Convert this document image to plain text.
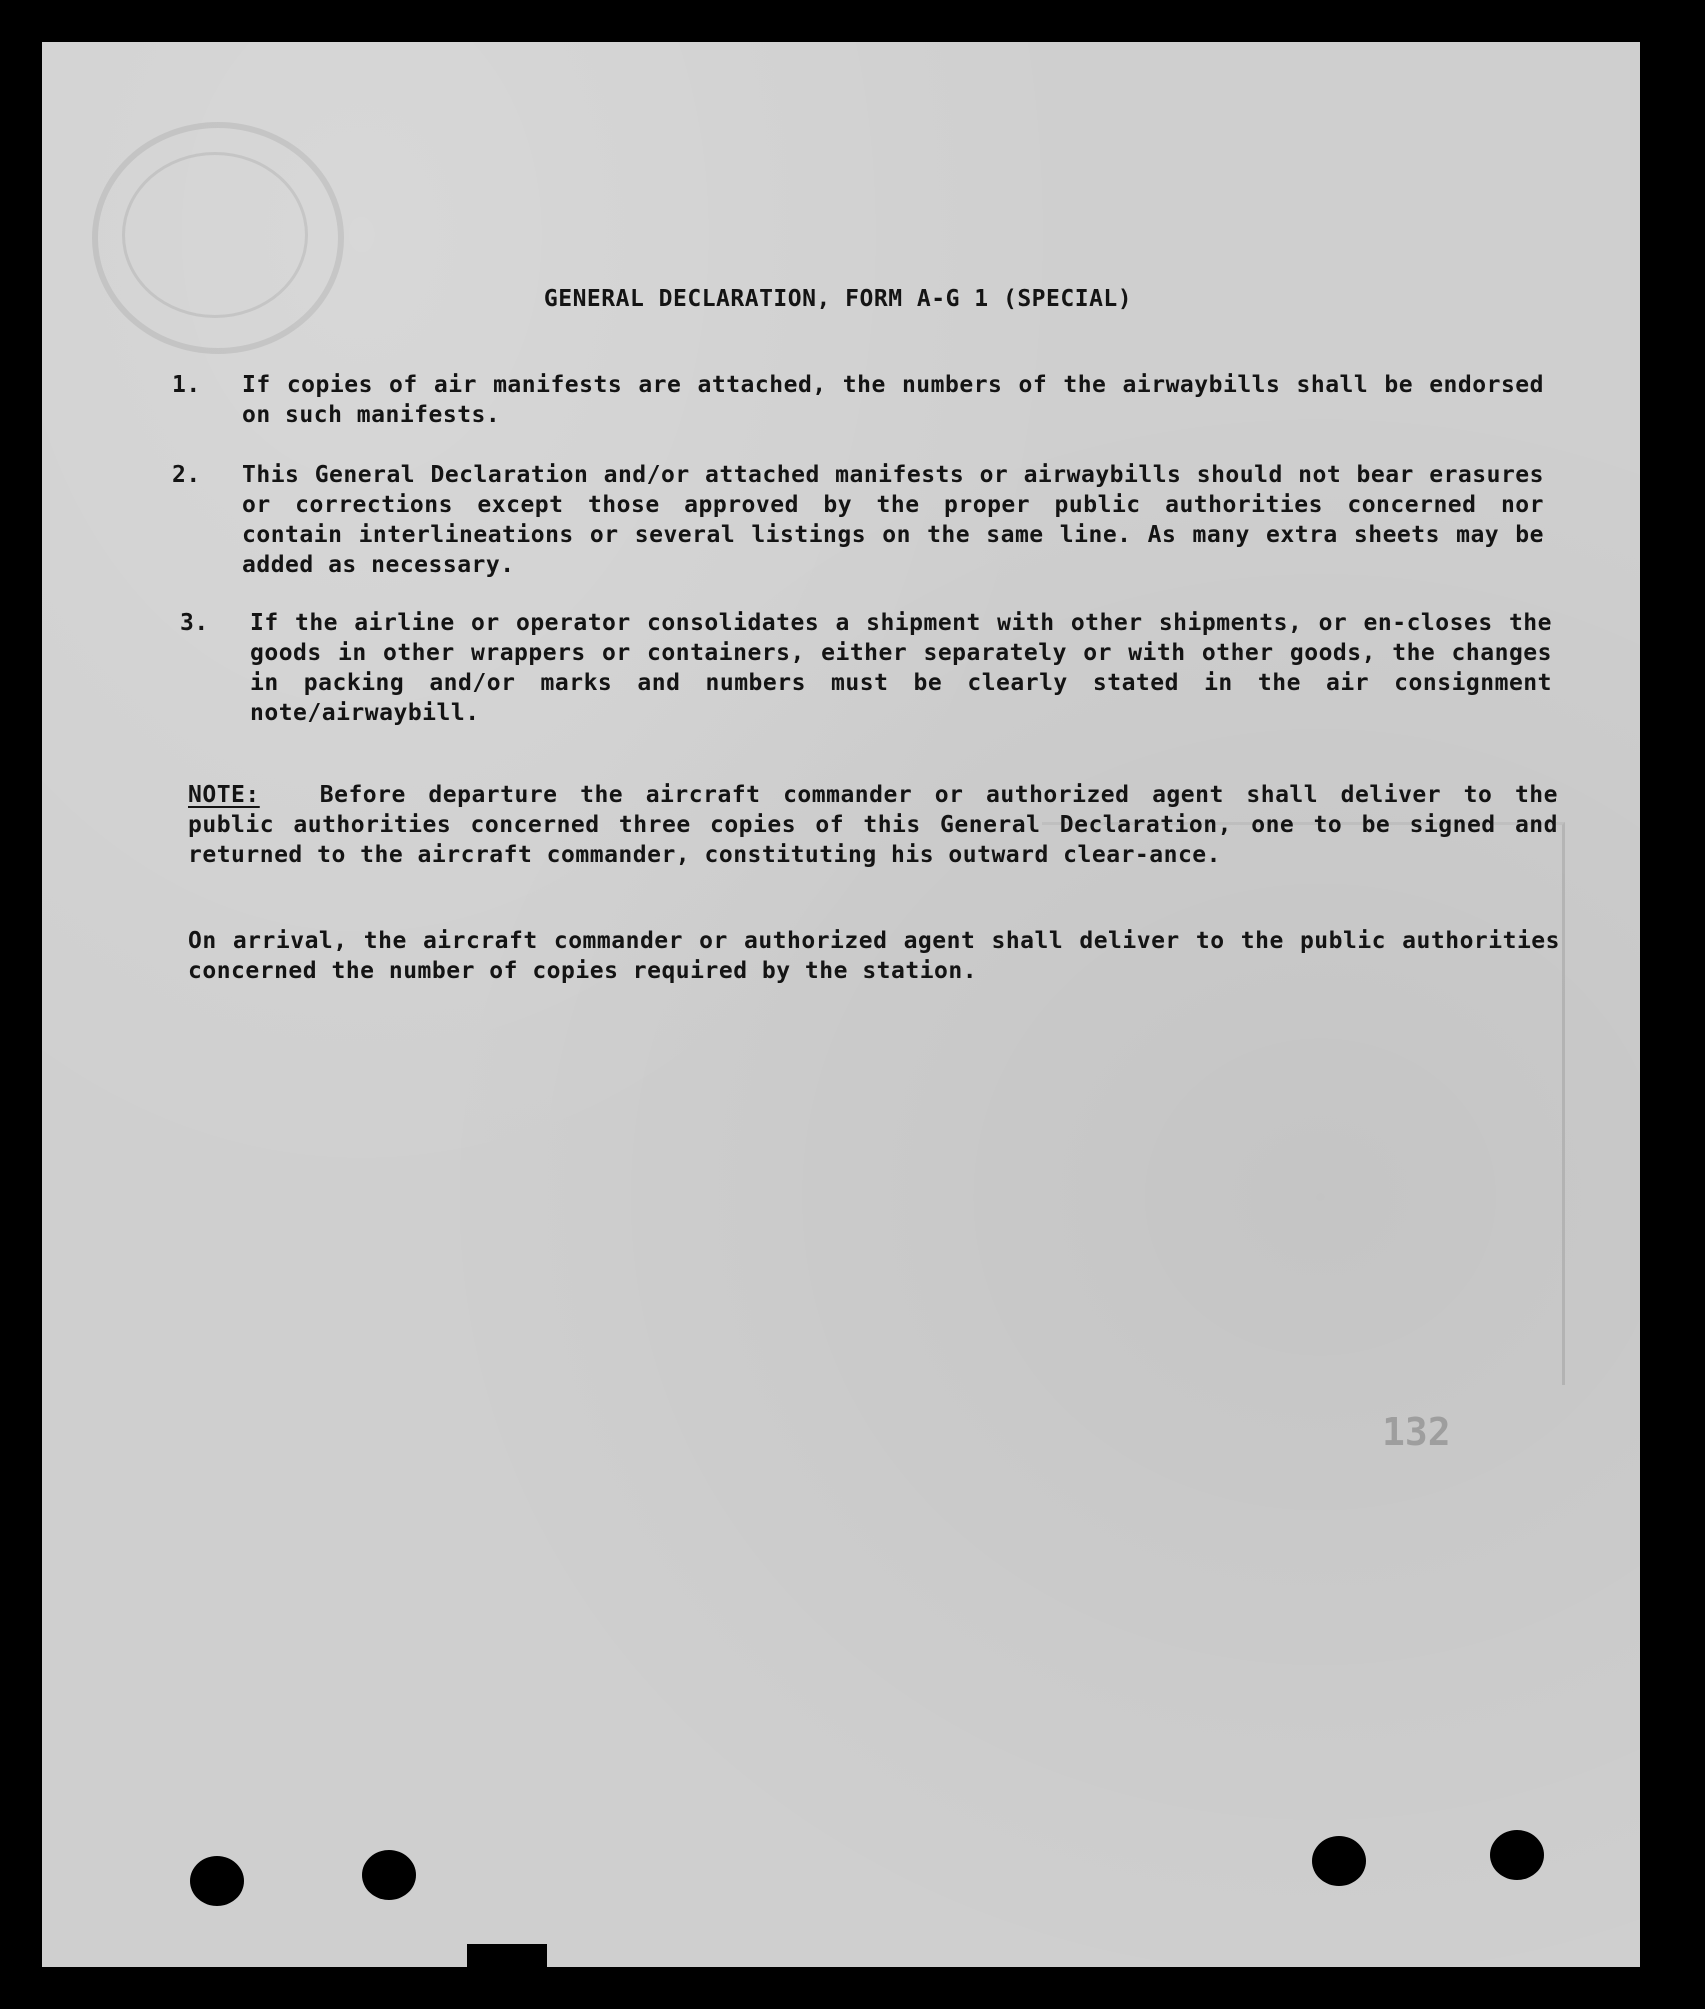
132
GENERAL DECLARATION, FORM A-G 1 (SPECIAL)
1.	If copies of air manifests are attached, the numbers of the airwaybills shall be endorsed on such manifests.
2.	This General Declaration and/or attached manifests or airwaybills should not bear erasures or corrections except those approved by the proper public authorities concerned nor contain interlineations or several listings on the same line. As many extra sheets may be added as necessary.
3.	If the airline or operator consolidates a shipment with other shipments, or en-closes the goods in other wrappers or containers, either separately or with other goods, the changes in packing and/or marks and numbers must be clearly stated in the air consignment note/airwaybill.
NOTE:	Before departure the aircraft commander or authorized agent shall deliver to the public authorities concerned three copies of this General Declaration, one to be signed and returned to the aircraft commander, constituting his outward clear-ance.
On arrival, the aircraft commander or authorized agent shall deliver to the public authorities concerned the number of copies required by the station.
